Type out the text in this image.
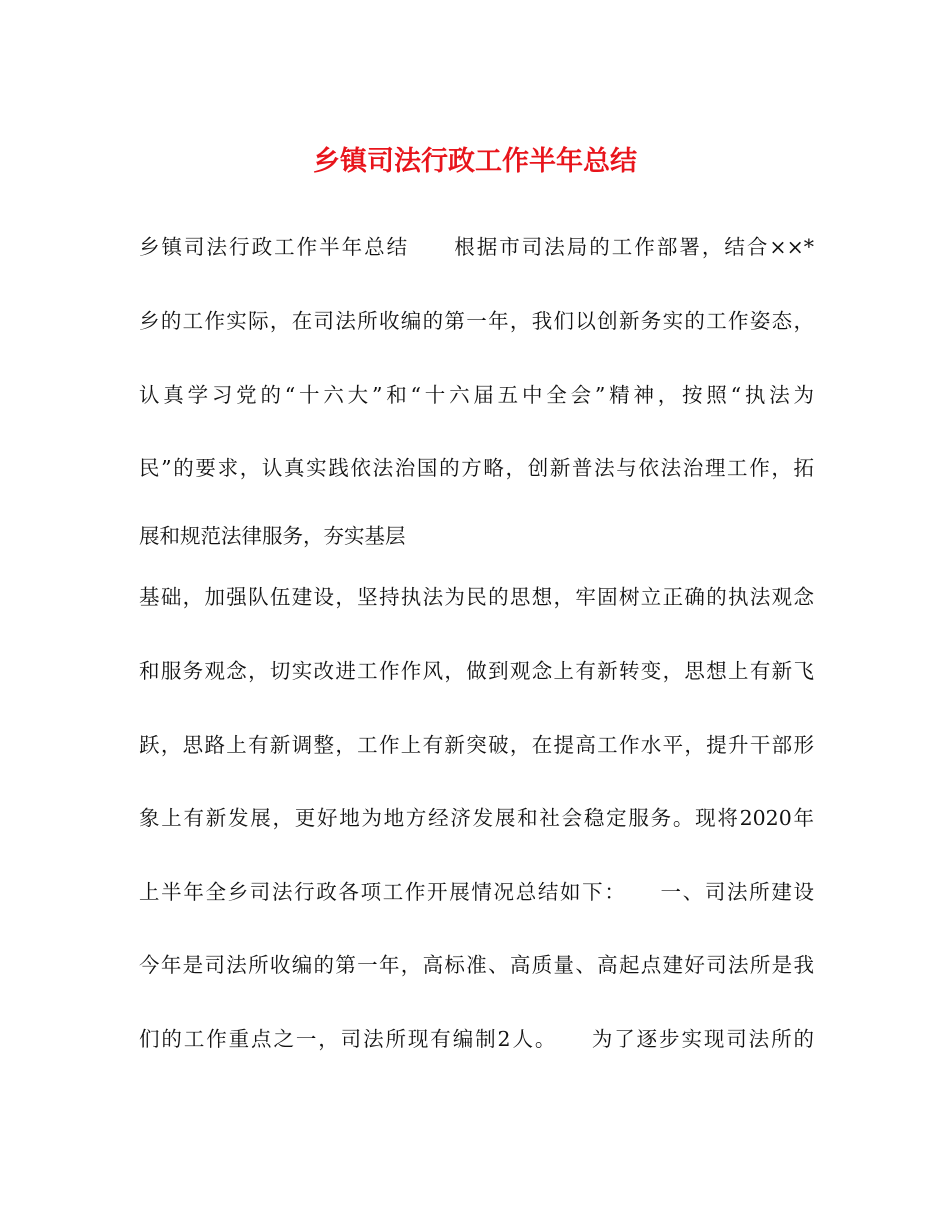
乡镇司法行政工作半年总结

乡镇司法行政工作半年总结　　根据市司法局的工作部署，结合××*

乡的工作实际，在司法所收编的第一年，我们以创新务实的工作姿态，

认真学习党的“十六大”和“十六届五中全会”精神，按照“执法为

民”的要求，认真实践依法治国的方略，创新普法与依法治理工作，拓

展和规范法律服务，夯实基层

基础，加强队伍建设，坚持执法为民的思想，牢固树立正确的执法观念

和服务观念，切实改进工作作风，做到观念上有新转变，思想上有新飞

跃，思路上有新调整，工作上有新突破，在提高工作水平，提升干部形

象上有新发展，更好地为地方经济发展和社会稳定服务。现将2020年

上半年全乡司法行政各项工作开展情况总结如下：　　一、司法所建设

今年是司法所收编的第一年，高标准、高质量、高起点建好司法所是我

们的工作重点之一，司法所现有编制2人。　　为了逐步实现司法所的
